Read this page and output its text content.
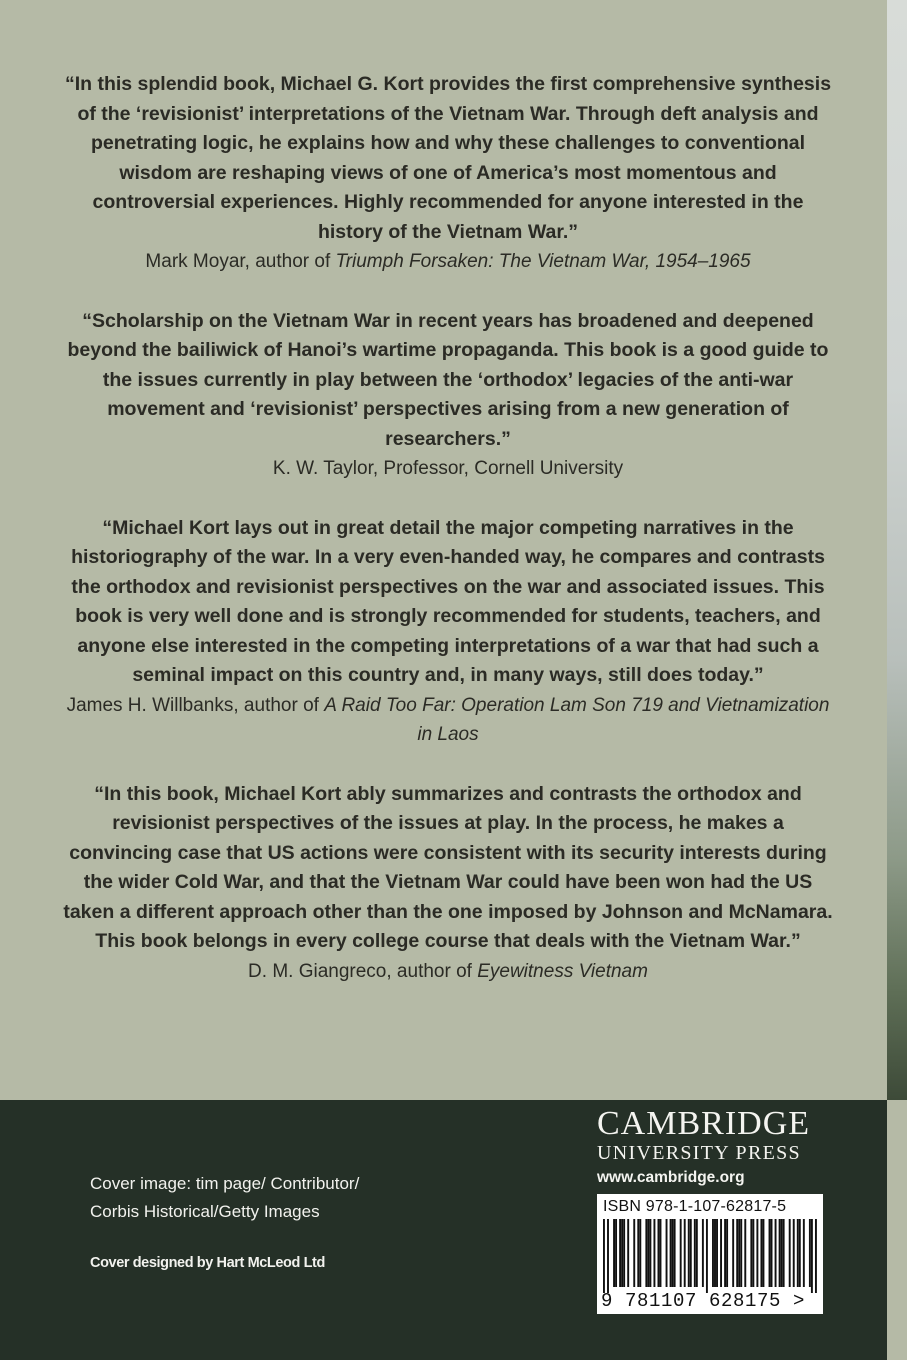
“In this splendid book, Michael G. Kort provides the first comprehensive synthesis of the ‘revisionist’ interpretations of the Vietnam War. Through deft analysis and penetrating logic, he explains how and why these challenges to conventional wisdom are reshaping views of one of America’s most momentous and controversial experiences. Highly recommended for anyone interested in the history of the Vietnam War.”

Mark Moyar, author of Triumph Forsaken: The Vietnam War, 1954–1965

“Scholarship on the Vietnam War in recent years has broadened and deepened beyond the bailiwick of Hanoi’s wartime propaganda. This book is a good guide to the issues currently in play between the ‘orthodox’ legacies of the anti-war movement and ‘revisionist’ perspectives arising from a new generation of researchers.”

K. W. Taylor, Professor, Cornell University

“Michael Kort lays out in great detail the major competing narratives in the historiography of the war. In a very even-handed way, he compares and contrasts the orthodox and revisionist perspectives on the war and associated issues. This book is very well done and is strongly recommended for students, teachers, and anyone else interested in the competing interpretations of a war that had such a seminal impact on this country and, in many ways, still does today.”

James H. Willbanks, author of A Raid Too Far: Operation Lam Son 719 and Vietnamization in Laos

“In this book, Michael Kort ably summarizes and contrasts the orthodox and revisionist perspectives of the issues at play. In the process, he makes a convincing case that US actions were consistent with its security interests during the wider Cold War, and that the Vietnam War could have been won had the US taken a different approach other than the one imposed by Johnson and McNamara. This book belongs in every college course that deals with the Vietnam War.”

D. M. Giangreco, author of Eyewitness Vietnam

Cover image: tim page/ Contributor/
Corbis Historical/Getty Images
Cover designed by Hart McLeod Ltd

CAMBRIDGE

UNIVERSITY PRESS

www.cambridge.org
ISBN 978-1-107-62817-5
9 781107 628175 >
